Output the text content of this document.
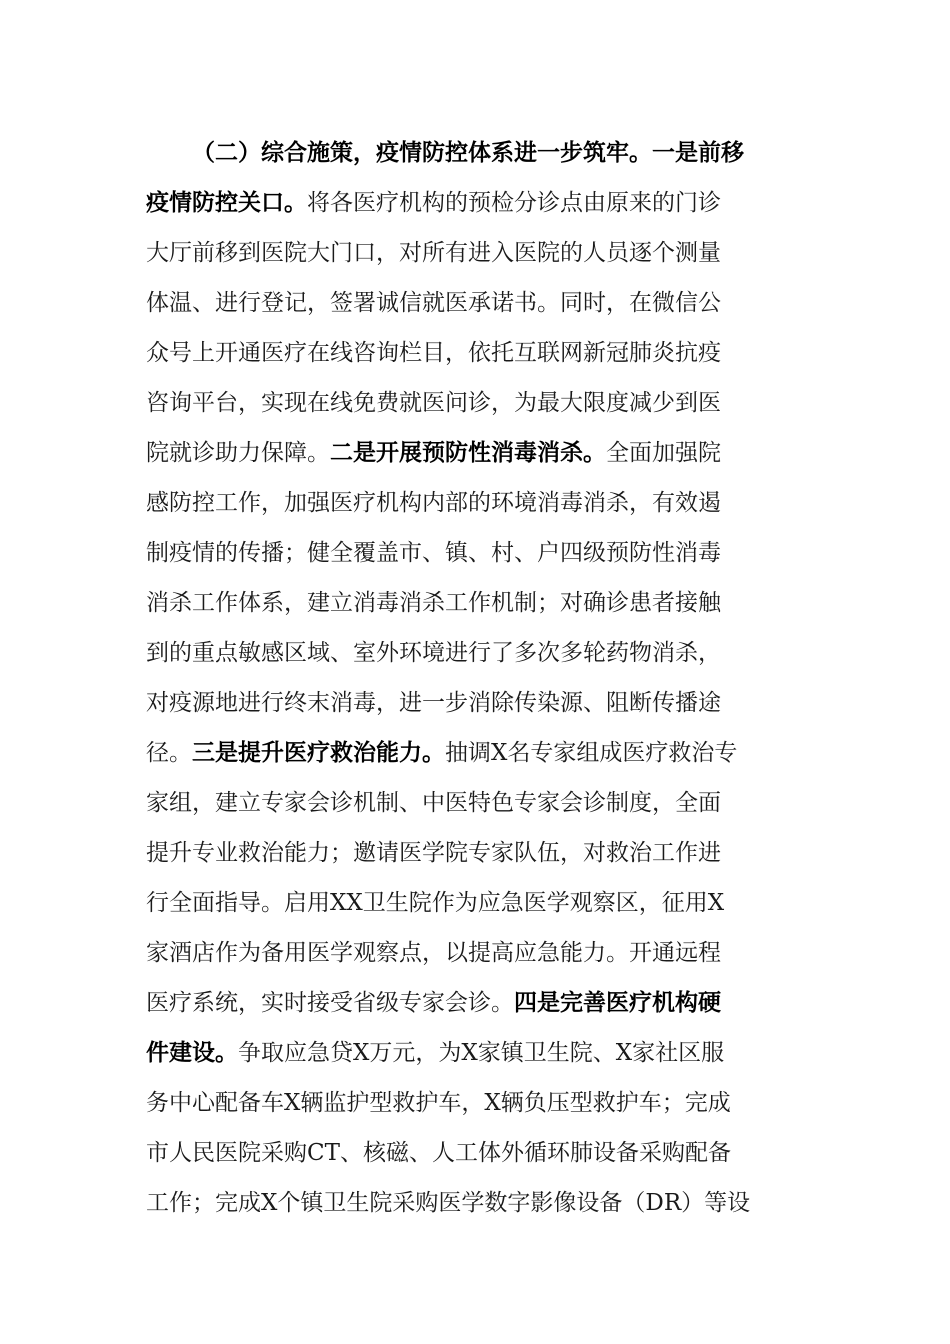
（二）综合施策，疫情防控体系进一步筑牢。一是前移
疫情防控关口。将各医疗机构的预检分诊点由原来的门诊
大厅前移到医院大门口，对所有进入医院的人员逐个测量
体温、进行登记，签署诚信就医承诺书。同时，在微信公
众号上开通医疗在线咨询栏目，依托互联网新冠肺炎抗疫
咨询平台，实现在线免费就医问诊，为最大限度减少到医
院就诊助力保障。二是开展预防性消毒消杀。全面加强院
感防控工作，加强医疗机构内部的环境消毒消杀，有效遏
制疫情的传播；健全覆盖市、镇、村、户四级预防性消毒
消杀工作体系，建立消毒消杀工作机制；对确诊患者接触
到的重点敏感区域、室外环境进行了多次多轮药物消杀，
对疫源地进行终末消毒，进一步消除传染源、阻断传播途
径。三是提升医疗救治能力。抽调X名专家组成医疗救治专
家组，建立专家会诊机制、中医特色专家会诊制度，全面
提升专业救治能力；邀请医学院专家队伍，对救治工作进
行全面指导。启用XX卫生院作为应急医学观察区，征用X
家酒店作为备用医学观察点，以提高应急能力。开通远程
医疗系统，实时接受省级专家会诊。四是完善医疗机构硬
件建设。争取应急贷X万元，为X家镇卫生院、X家社区服
务中心配备车X辆监护型救护车，X辆负压型救护车；完成
市人民医院采购CT、核磁、人工体外循环肺设备采购配备
工作；完成X个镇卫生院采购医学数字影像设备（DR）等设
